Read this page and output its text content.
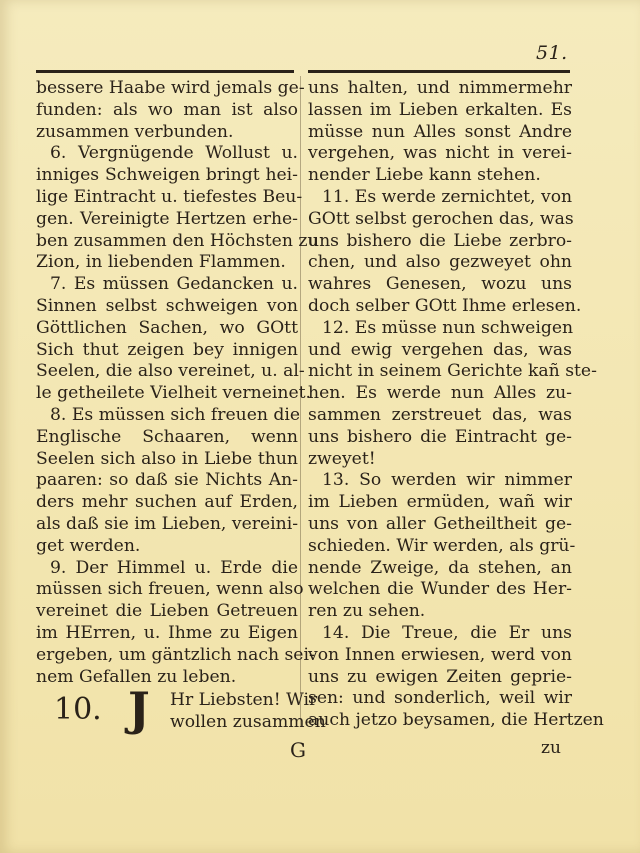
51.
bessere Haabe wird jemals ge-
funden: als wo man ist also
zusammen verbunden.
6. Vergnügende Wollust u.
inniges Schweigen bringt hei-
lige Eintracht u. tiefestes Beu-
gen. Vereinigte Hertzen erhe-
ben zusammen den Höchsten zu
Zion, in liebenden Flammen.
7. Es müssen Gedancken u.
Sinnen selbst schweigen von
Göttlichen Sachen, wo GOtt
Sich thut zeigen bey innigen
Seelen, die also vereinet, u. al-
le getheilete Vielheit verneinet.
8. Es müssen sich freuen die
Englische Schaaren, wenn
Seelen sich also in Liebe thun
paaren: so daß sie Nichts An-
ders mehr suchen auf Erden,
als daß sie im Lieben, vereini-
get werden.
9. Der Himmel u. Erde die
müssen sich freuen, wenn also
vereinet die Lieben Getreuen
im HErren, u. Ihme zu Eigen
ergeben, um gäntzlich nach sei-
nem Gefallen zu leben.
10. J Hr Liebsten! Wir
wollen zusammen
uns halten, und nimmermehr
lassen im Lieben erkalten. Es
müsse nun Alles sonst Andre
vergehen, was nicht in verei-
nender Liebe kann stehen.
11. Es werde zernichtet, von
GOtt selbst gerochen das, was
uns bishero die Liebe zerbro-
chen, und also gezweyet ohn
wahres Genesen, wozu uns
doch selber GOtt Ihme erlesen.
12. Es müsse nun schweigen
und ewig vergehen das, was
nicht in seinem Gerichte kañ ste-
hen. Es werde nun Alles zu-
sammen zerstreuet das, was
uns bishero die Eintracht ge-
zweyet!
13. So werden wir nimmer
im Lieben ermüden, wañ wir
uns von aller Getheiltheit ge-
schieden. Wir werden, als grü-
nende Zweige, da stehen, an
welchen die Wunder des Her-
ren zu sehen.
14. Die Treue, die Er uns
von Innen erwiesen, werd von
uns zu ewigen Zeiten geprie-
sen: und sonderlich, weil wir
auch jetzo beysamen, die Hertzen
G	zu
